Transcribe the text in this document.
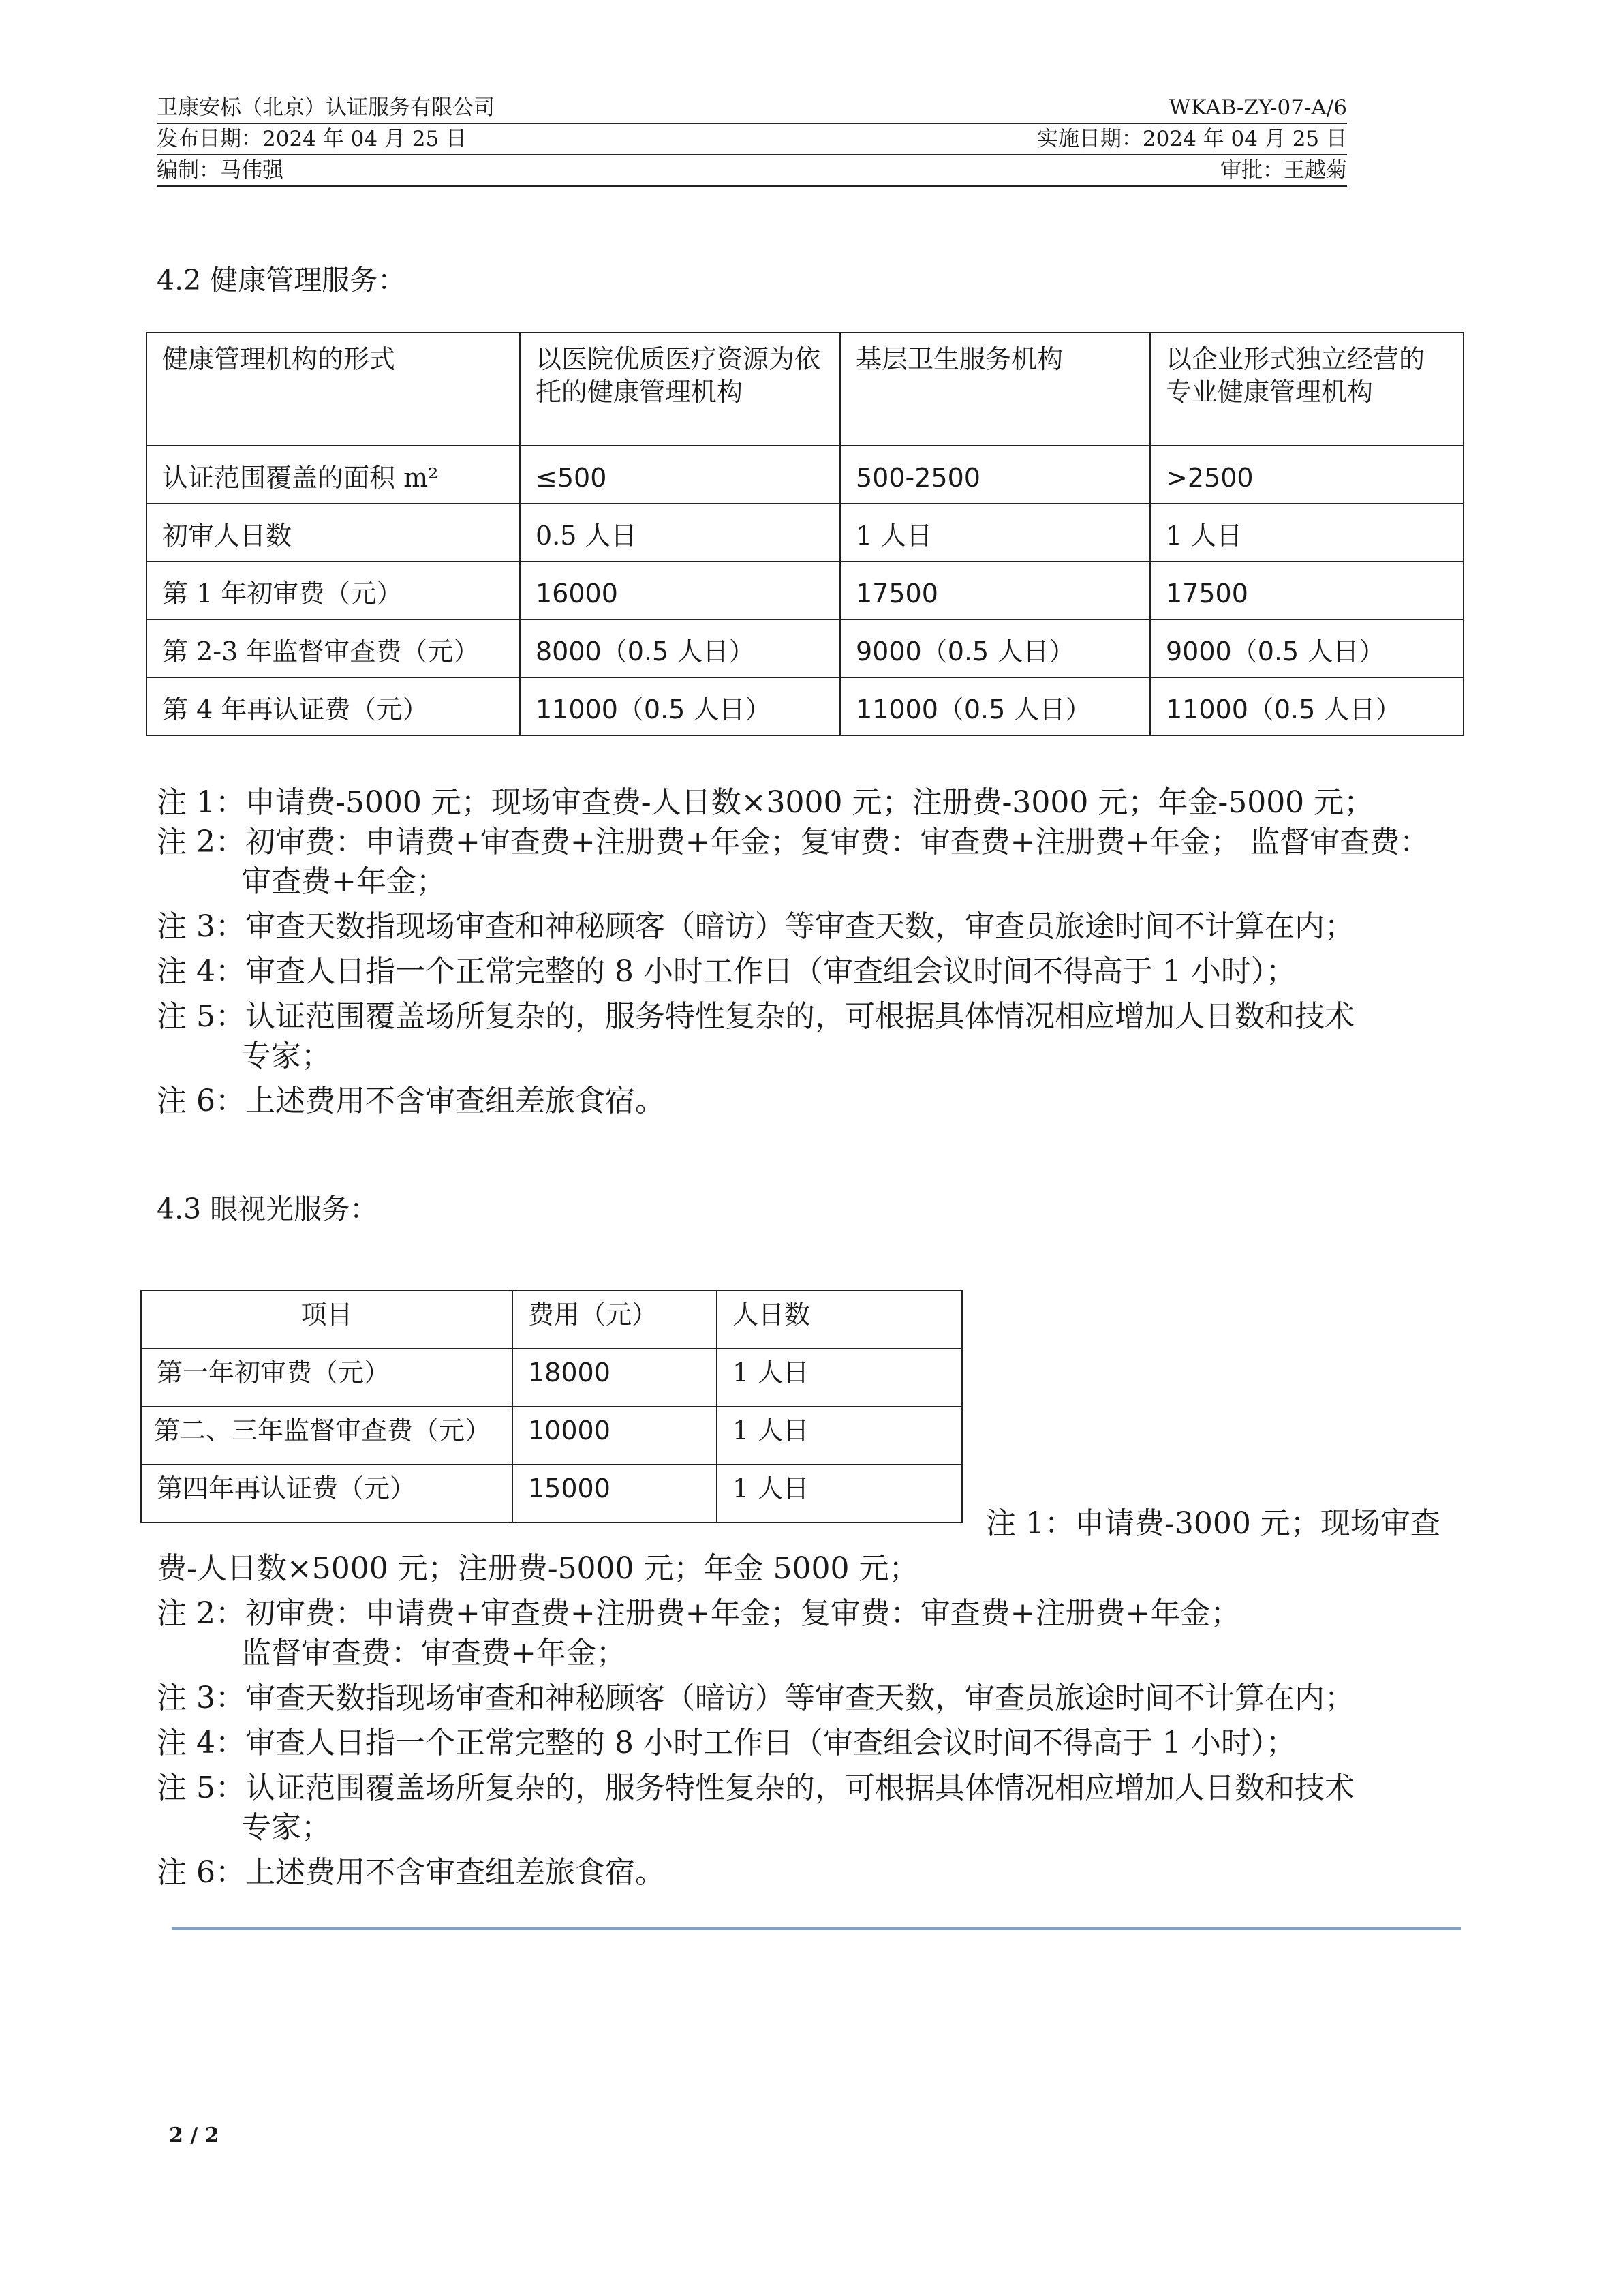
卫康安标（北京）认证服务有限公司	WKAB-ZY-07-A/6
发布日期：2024 年 04 月 25 日	实施日期：2024 年 04 月 25 日
编制：马伟强	审批：王越菊
4.2 健康管理服务：
健康管理机构的形式	以医院优质医疗资源为依托的健康管理机构	基层卫生服务机构	以企业形式独立经营的专业健康管理机构
认证范围覆盖的面积 m²	≤500	500-2500	>2500
初审人日数	0.5 人日	1 人日	1 人日
第 1 年初审费（元）	16000	17500	17500
第 2-3 年监督审查费（元）	8000（0.5 人日）	9000（0.5 人日）	9000（0.5 人日）
第 4 年再认证费（元）	11000（0.5 人日）	11000（0.5 人日）	11000（0.5 人日）
注 1：申请费-5000 元；现场审查费-人日数×3000 元；注册费-3000 元；年金-5000 元；
注 2：初审费：申请费+审查费+注册费+年金；复审费：审查费+注册费+年金； 监督审查费：
审查费+年金；
注 3：审查天数指现场审查和神秘顾客（暗访）等审查天数，审查员旅途时间不计算在内；
注 4：审查人日指一个正常完整的 8 小时工作日（审查组会议时间不得高于 1 小时）；
注 5：认证范围覆盖场所复杂的，服务特性复杂的，可根据具体情况相应增加人日数和技术
专家；
注 6：上述费用不含审查组差旅食宿。
4.3 眼视光服务：
项目	费用（元）	人日数
第一年初审费（元）	18000	1 人日
第二、三年监督审查费（元）	10000	1 人日
第四年再认证费（元）	15000	1 人日
注 1：申请费-3000 元；现场审查
费-人日数×5000 元；注册费-5000 元；年金 5000 元；
注 2：初审费：申请费+审查费+注册费+年金；复审费：审查费+注册费+年金；
监督审查费：审查费+年金；
注 3：审查天数指现场审查和神秘顾客（暗访）等审查天数，审查员旅途时间不计算在内；
注 4：审查人日指一个正常完整的 8 小时工作日（审查组会议时间不得高于 1 小时）；
注 5：认证范围覆盖场所复杂的，服务特性复杂的，可根据具体情况相应增加人日数和技术
专家；
注 6：上述费用不含审查组差旅食宿。
2 / 2
